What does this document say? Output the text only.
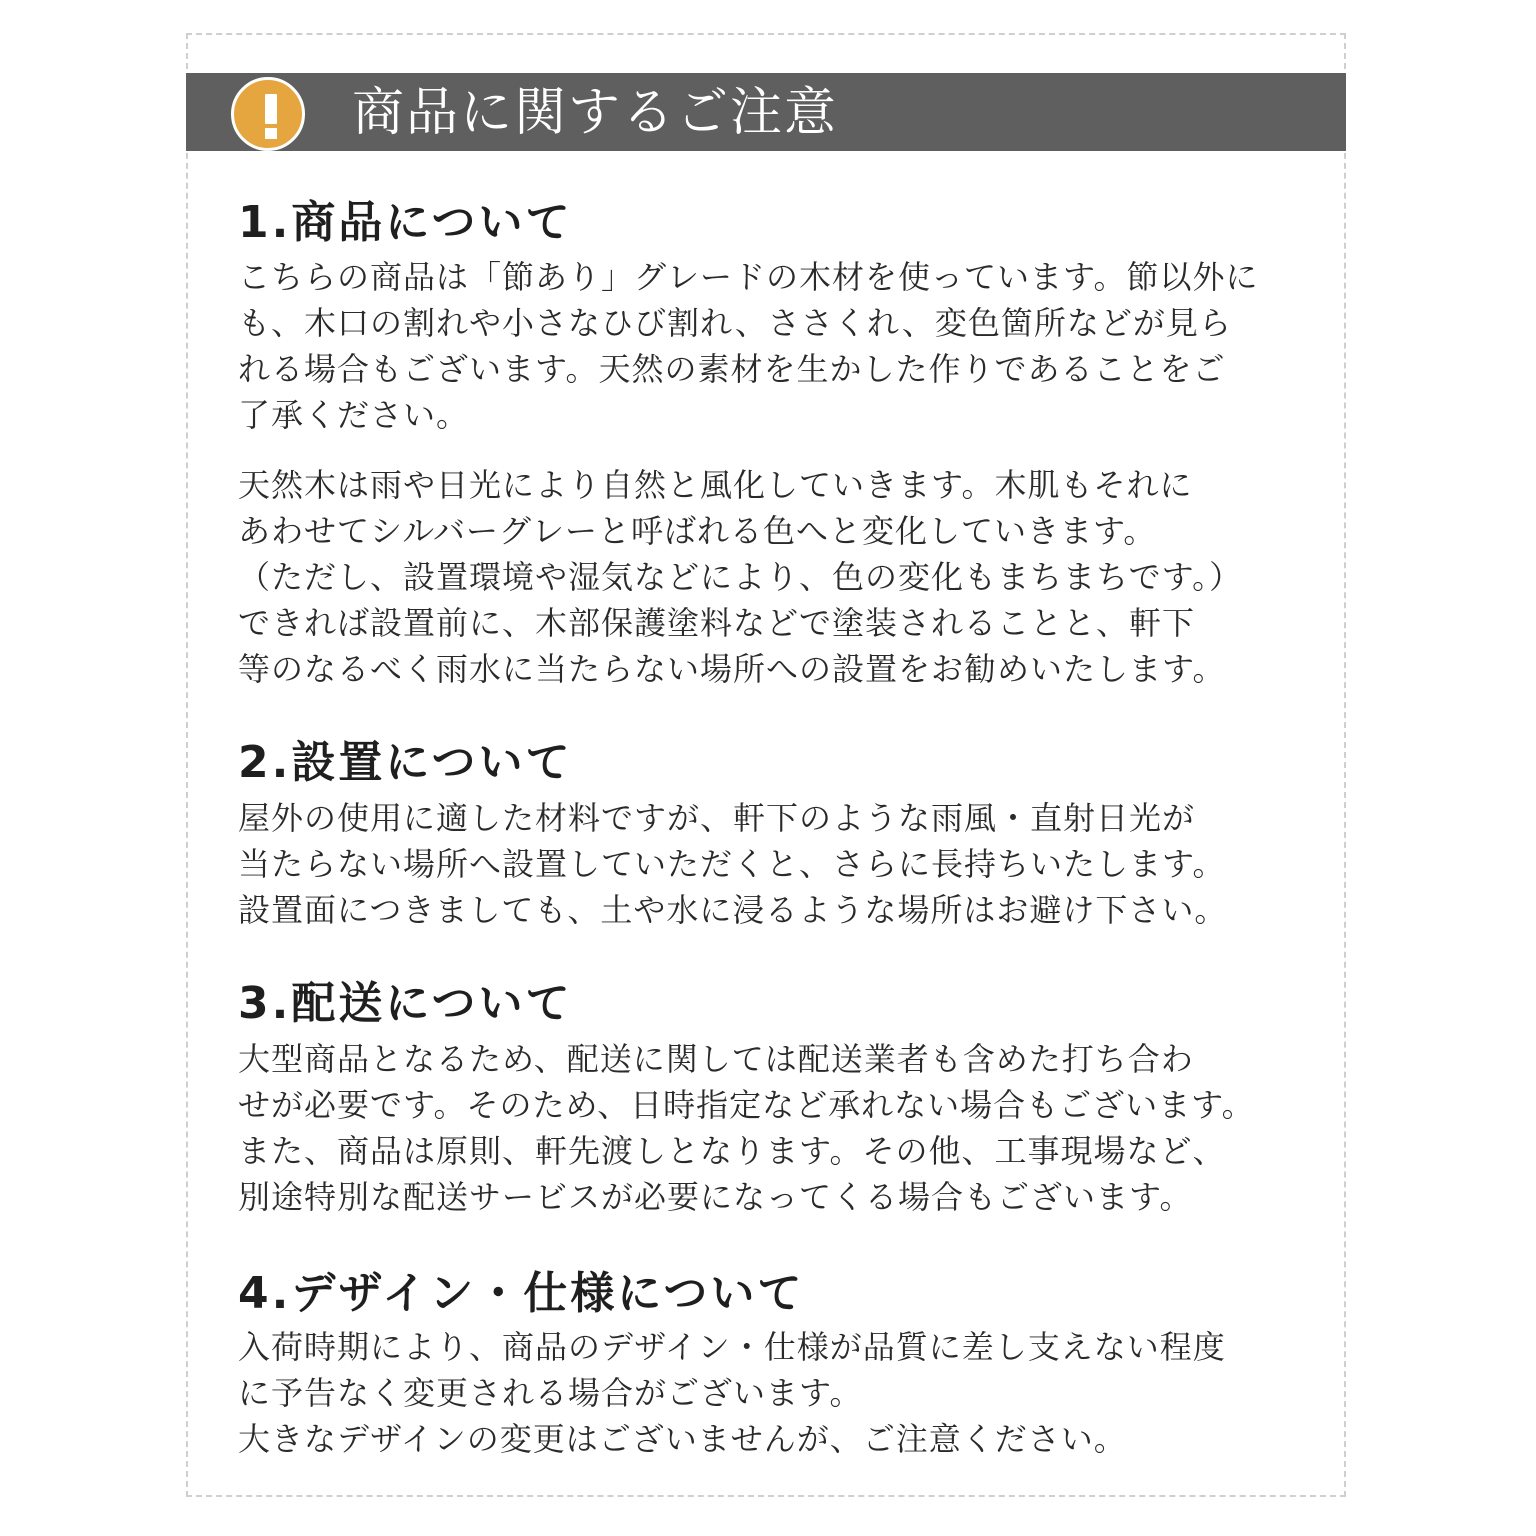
商品に関するご注意
1.商品について
こちらの商品は「節あり」グレードの木材を使っています。節以外に
も、木口の割れや小さなひび割れ、ささくれ、変色箇所などが見ら
れる場合もございます。天然の素材を生かした作りであることをご
了承ください。
天然木は雨や日光により自然と風化していきます。木肌もそれに
あわせてシルバーグレーと呼ばれる色へと変化していきます。
（ただし、設置環境や湿気などにより、色の変化もまちまちです。）
できれば設置前に、木部保護塗料などで塗装されることと、軒下
等のなるべく雨水に当たらない場所への設置をお勧めいたします。
2.設置について
屋外の使用に適した材料ですが、軒下のような雨風・直射日光が
当たらない場所へ設置していただくと、さらに長持ちいたします。
設置面につきましても、土や水に浸るような場所はお避け下さい。
3.配送について
大型商品となるため、配送に関しては配送業者も含めた打ち合わ
せが必要です。そのため、日時指定など承れない場合もございます。
また、商品は原則、軒先渡しとなります。その他、工事現場など、
別途特別な配送サービスが必要になってくる場合もございます。
4.デザイン・仕様について
入荷時期により、商品のデザイン・仕様が品質に差し支えない程度
に予告なく変更される場合がございます。
大きなデザインの変更はございませんが、ご注意ください。
